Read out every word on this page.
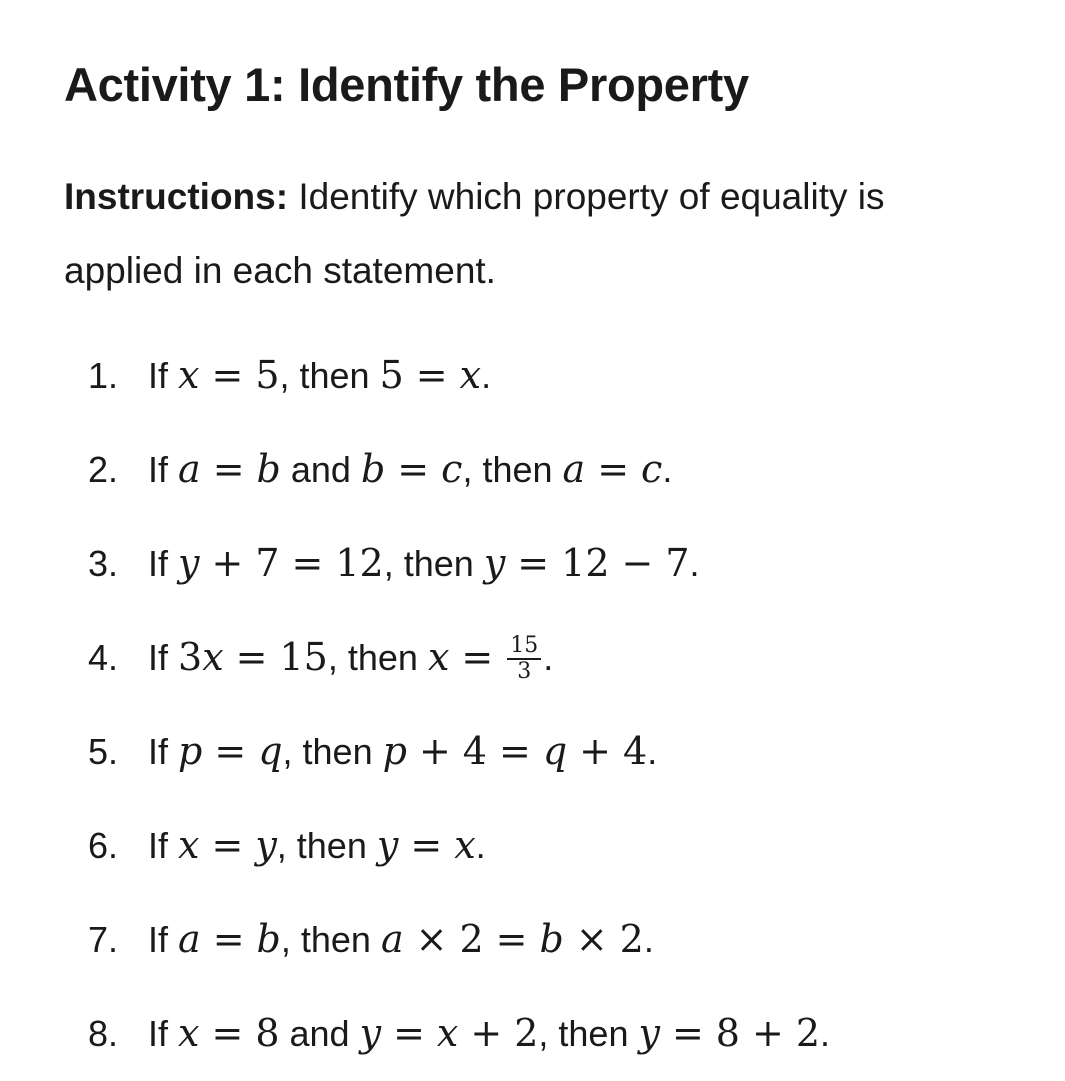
Activity 1: Identify the Property
Instructions: Identify which property of equality is applied in each statement.
1. If x = 5, then 5 = x.
2. If a = b and b = c, then a = c.
3. If y + 7 = 12, then y = 12 − 7.
4. If 3x = 15, then $x = \frac{15}{3}$ .
5. If p = q, then p + 4 = q + 4.
6. If x = y, then y = x.
7. If a = b, then a × 2 = b × 2.
8. If x = 8 and y = x + 2, then y = 8 + 2.
